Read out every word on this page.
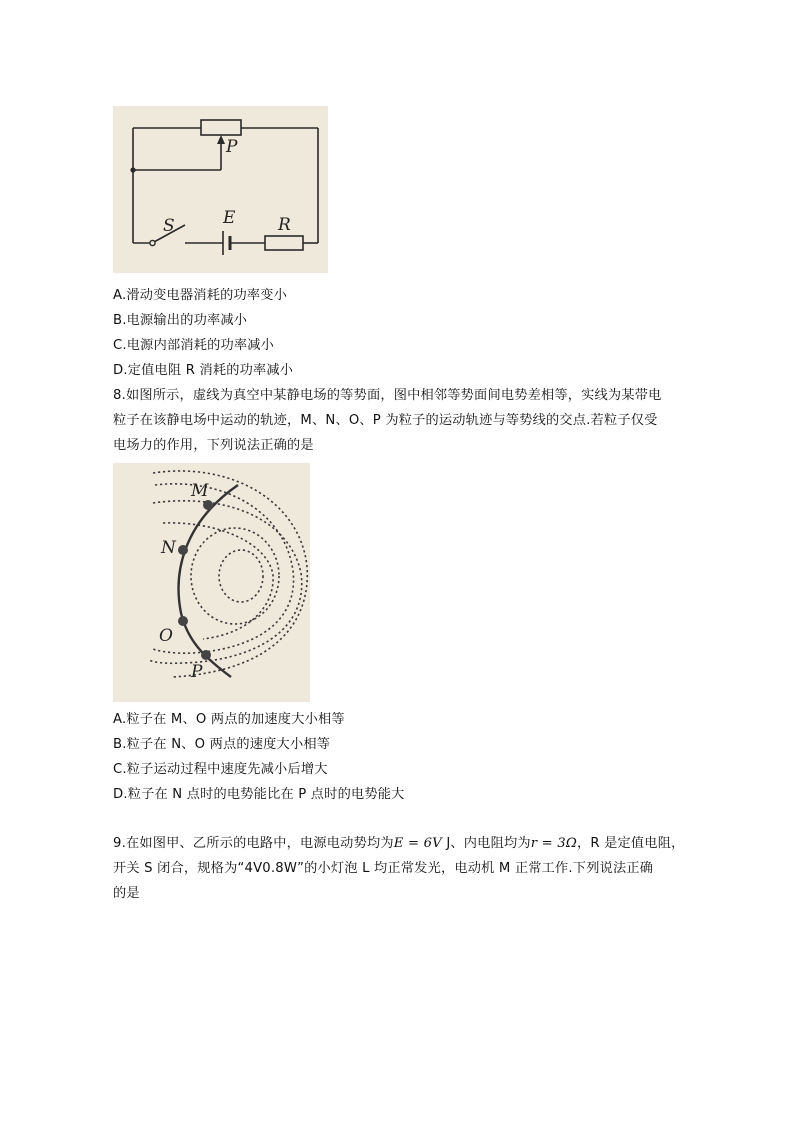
P
S	E	R
A.滑动变电器消耗的功率变小
B.电源输出的功率减小
C.电源内部消耗的功率减小
D.定值电阻 R 消耗的功率减小
8.如图所示，虚线为真空中某静电场的等势面，图中相邻等势面间电势差相等，实线为某带电
粒子在该静电场中运动的轨迹，M、N、O、P 为粒子的运动轨迹与等势线的交点.若粒子仅受
电场力的作用，下列说法正确的是
M
N
O
P
A.粒子在 M、O 两点的加速度大小相等
B.粒子在 N、O 两点的速度大小相等
C.粒子运动过程中速度先减小后增大
D.粒子在 N 点时的电势能比在 P 点时的电势能大
9.在如图甲、乙所示的电路中，电源电动势均为E = 6V J、内电阻均为r = 3Ω，R 是定值电阻，
开关 S 闭合，规格为“4V0.8W”的小灯泡 L 均正常发光，电动机 M 正常工作.下列说法正确
的是
